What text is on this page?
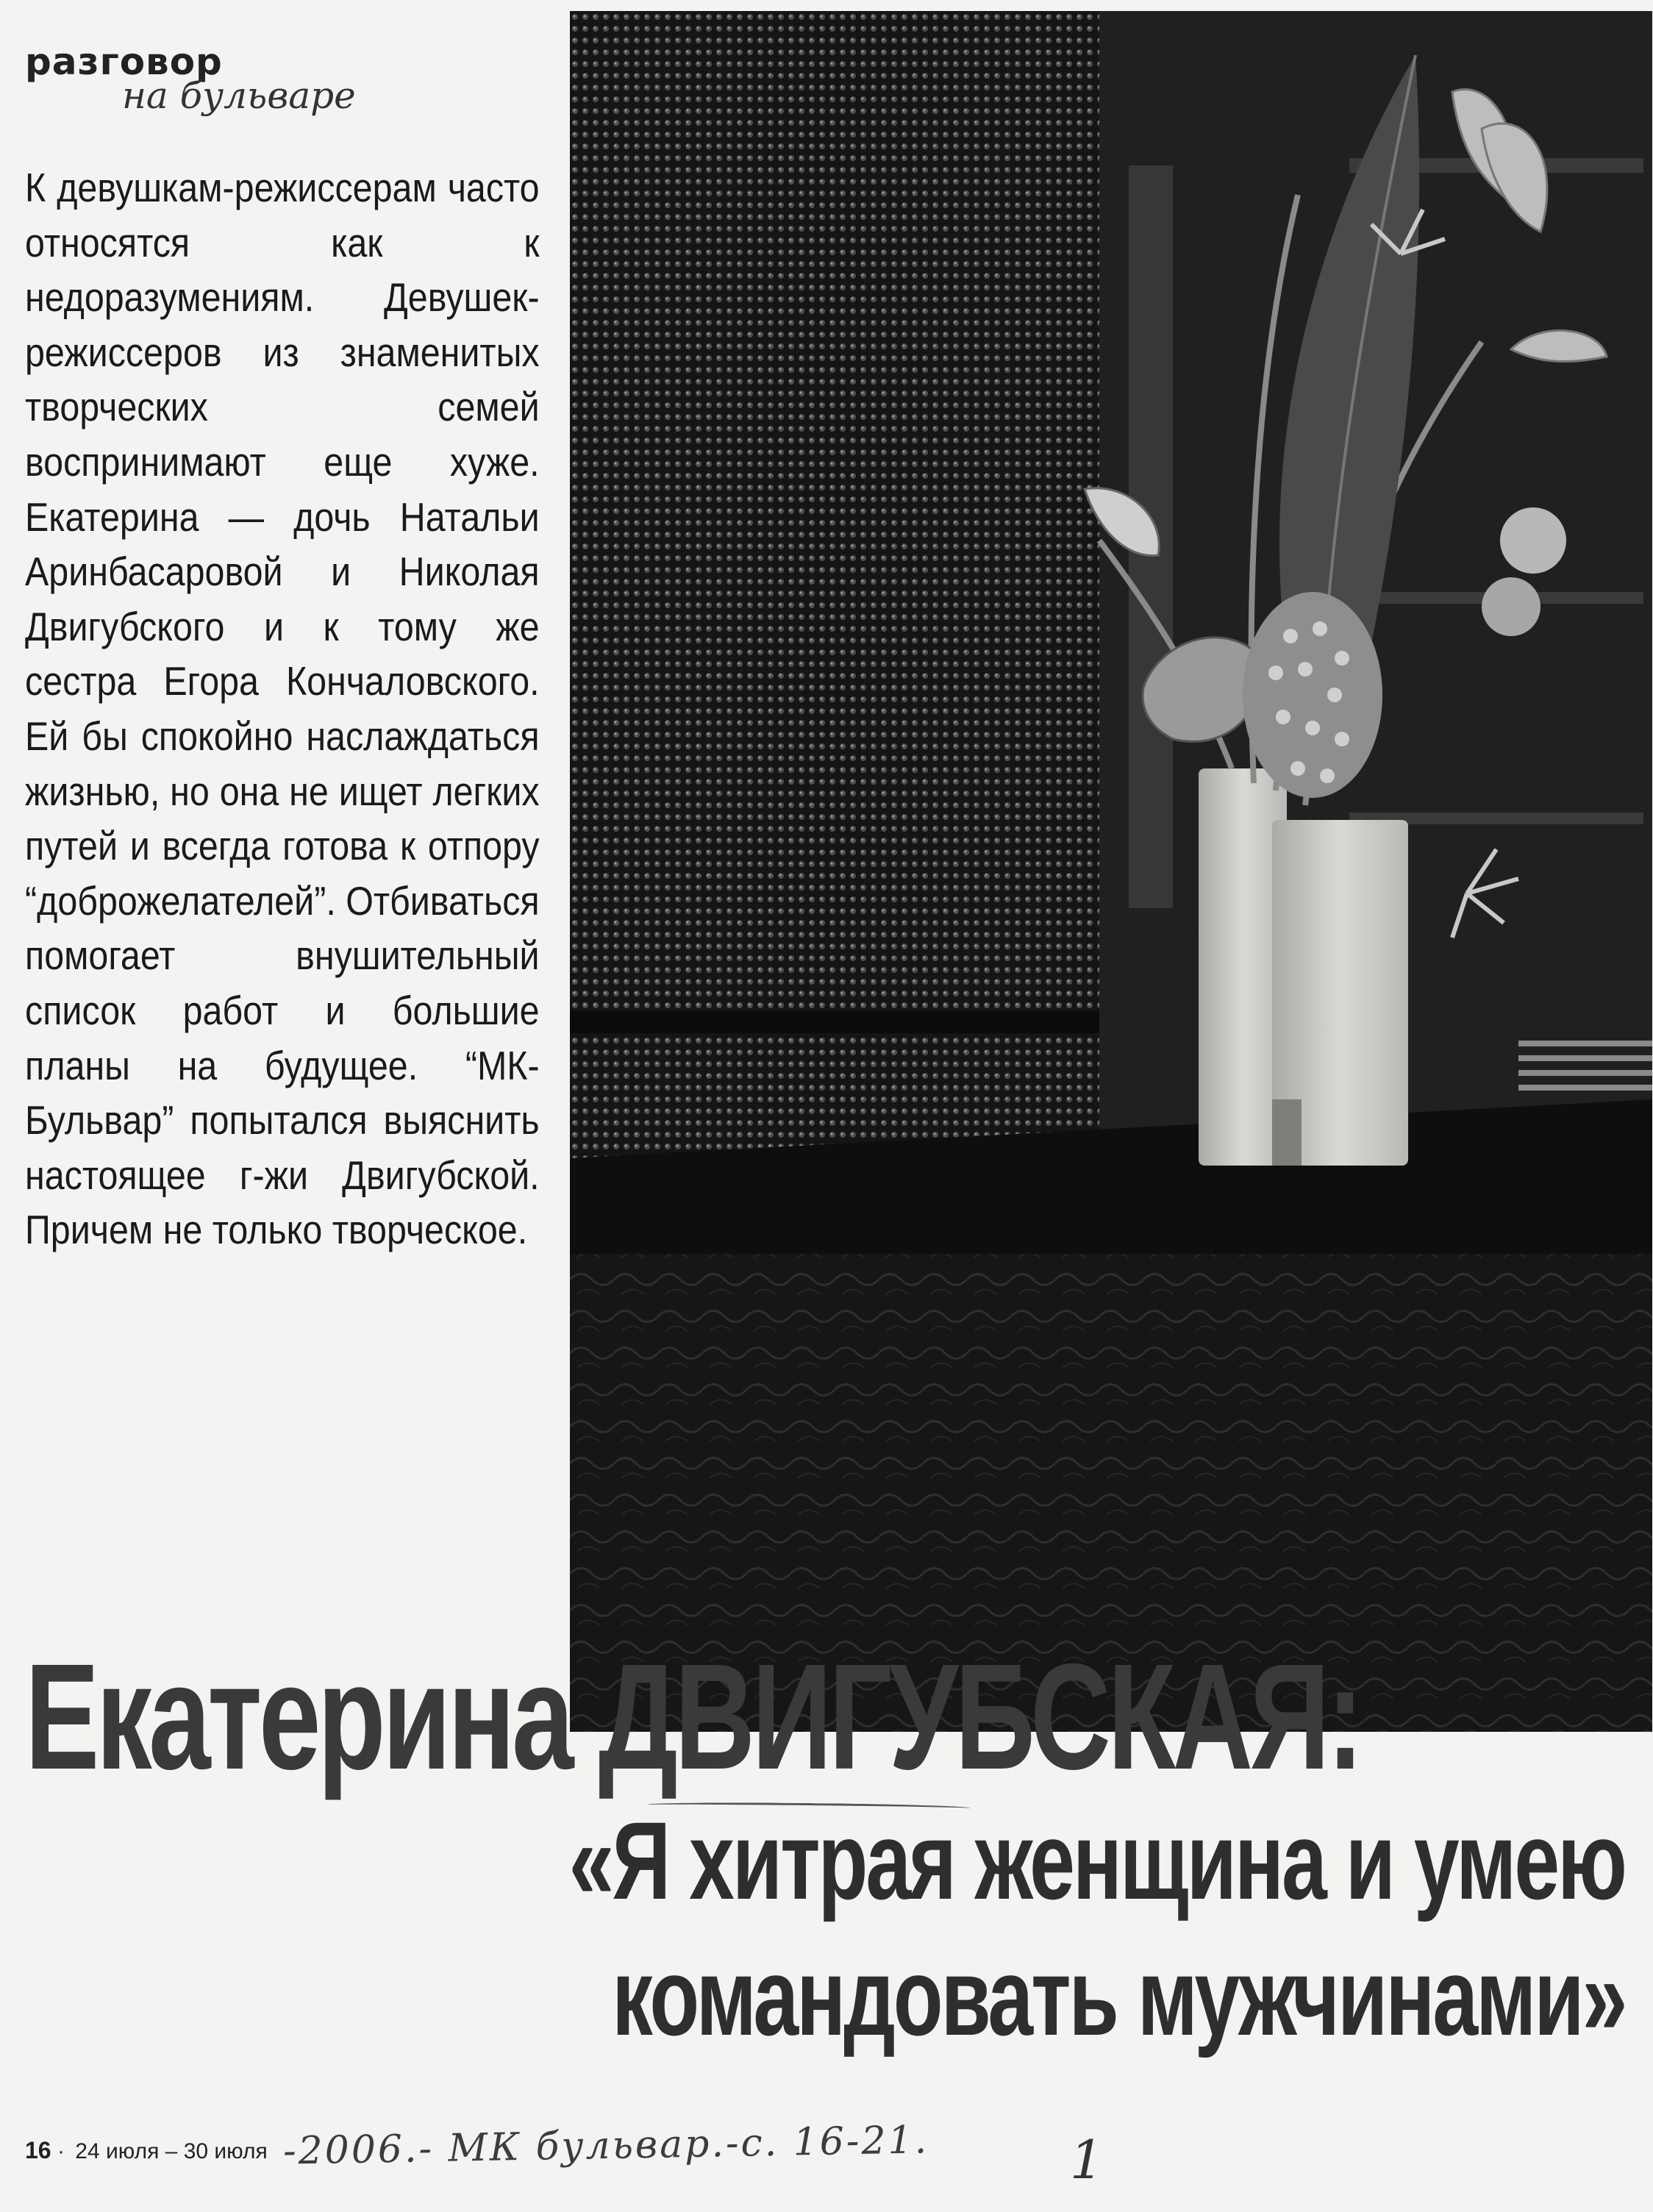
разговор
на бульваре
К девушкам-режиссерам часто относятся как к недоразумениям. Девушек-режиссеров из знаменитых творческих семей воспринимают еще хуже. Екатерина — дочь Натальи Аринбасаровой и Николая Двигубского и к тому же сестра Егора Кончаловского. Ей бы спокойно наслаждаться жизнью, но она не ищет легких путей и всегда готова к отпору “доброжелателей”. Отбиваться помогает внушительный список работ и большие планы на будущее. “МК-Бульвар” попытался выяснить настоящее г-жи Двигубской. Причем не только творческое.
Екатерина ДВИГУБСКАЯ:
«Я хитрая женщина и умею
командовать мужчинами»
16 · 24 июля – 30 июля -2006.- МК бульвар.-с. 16-21.	1
